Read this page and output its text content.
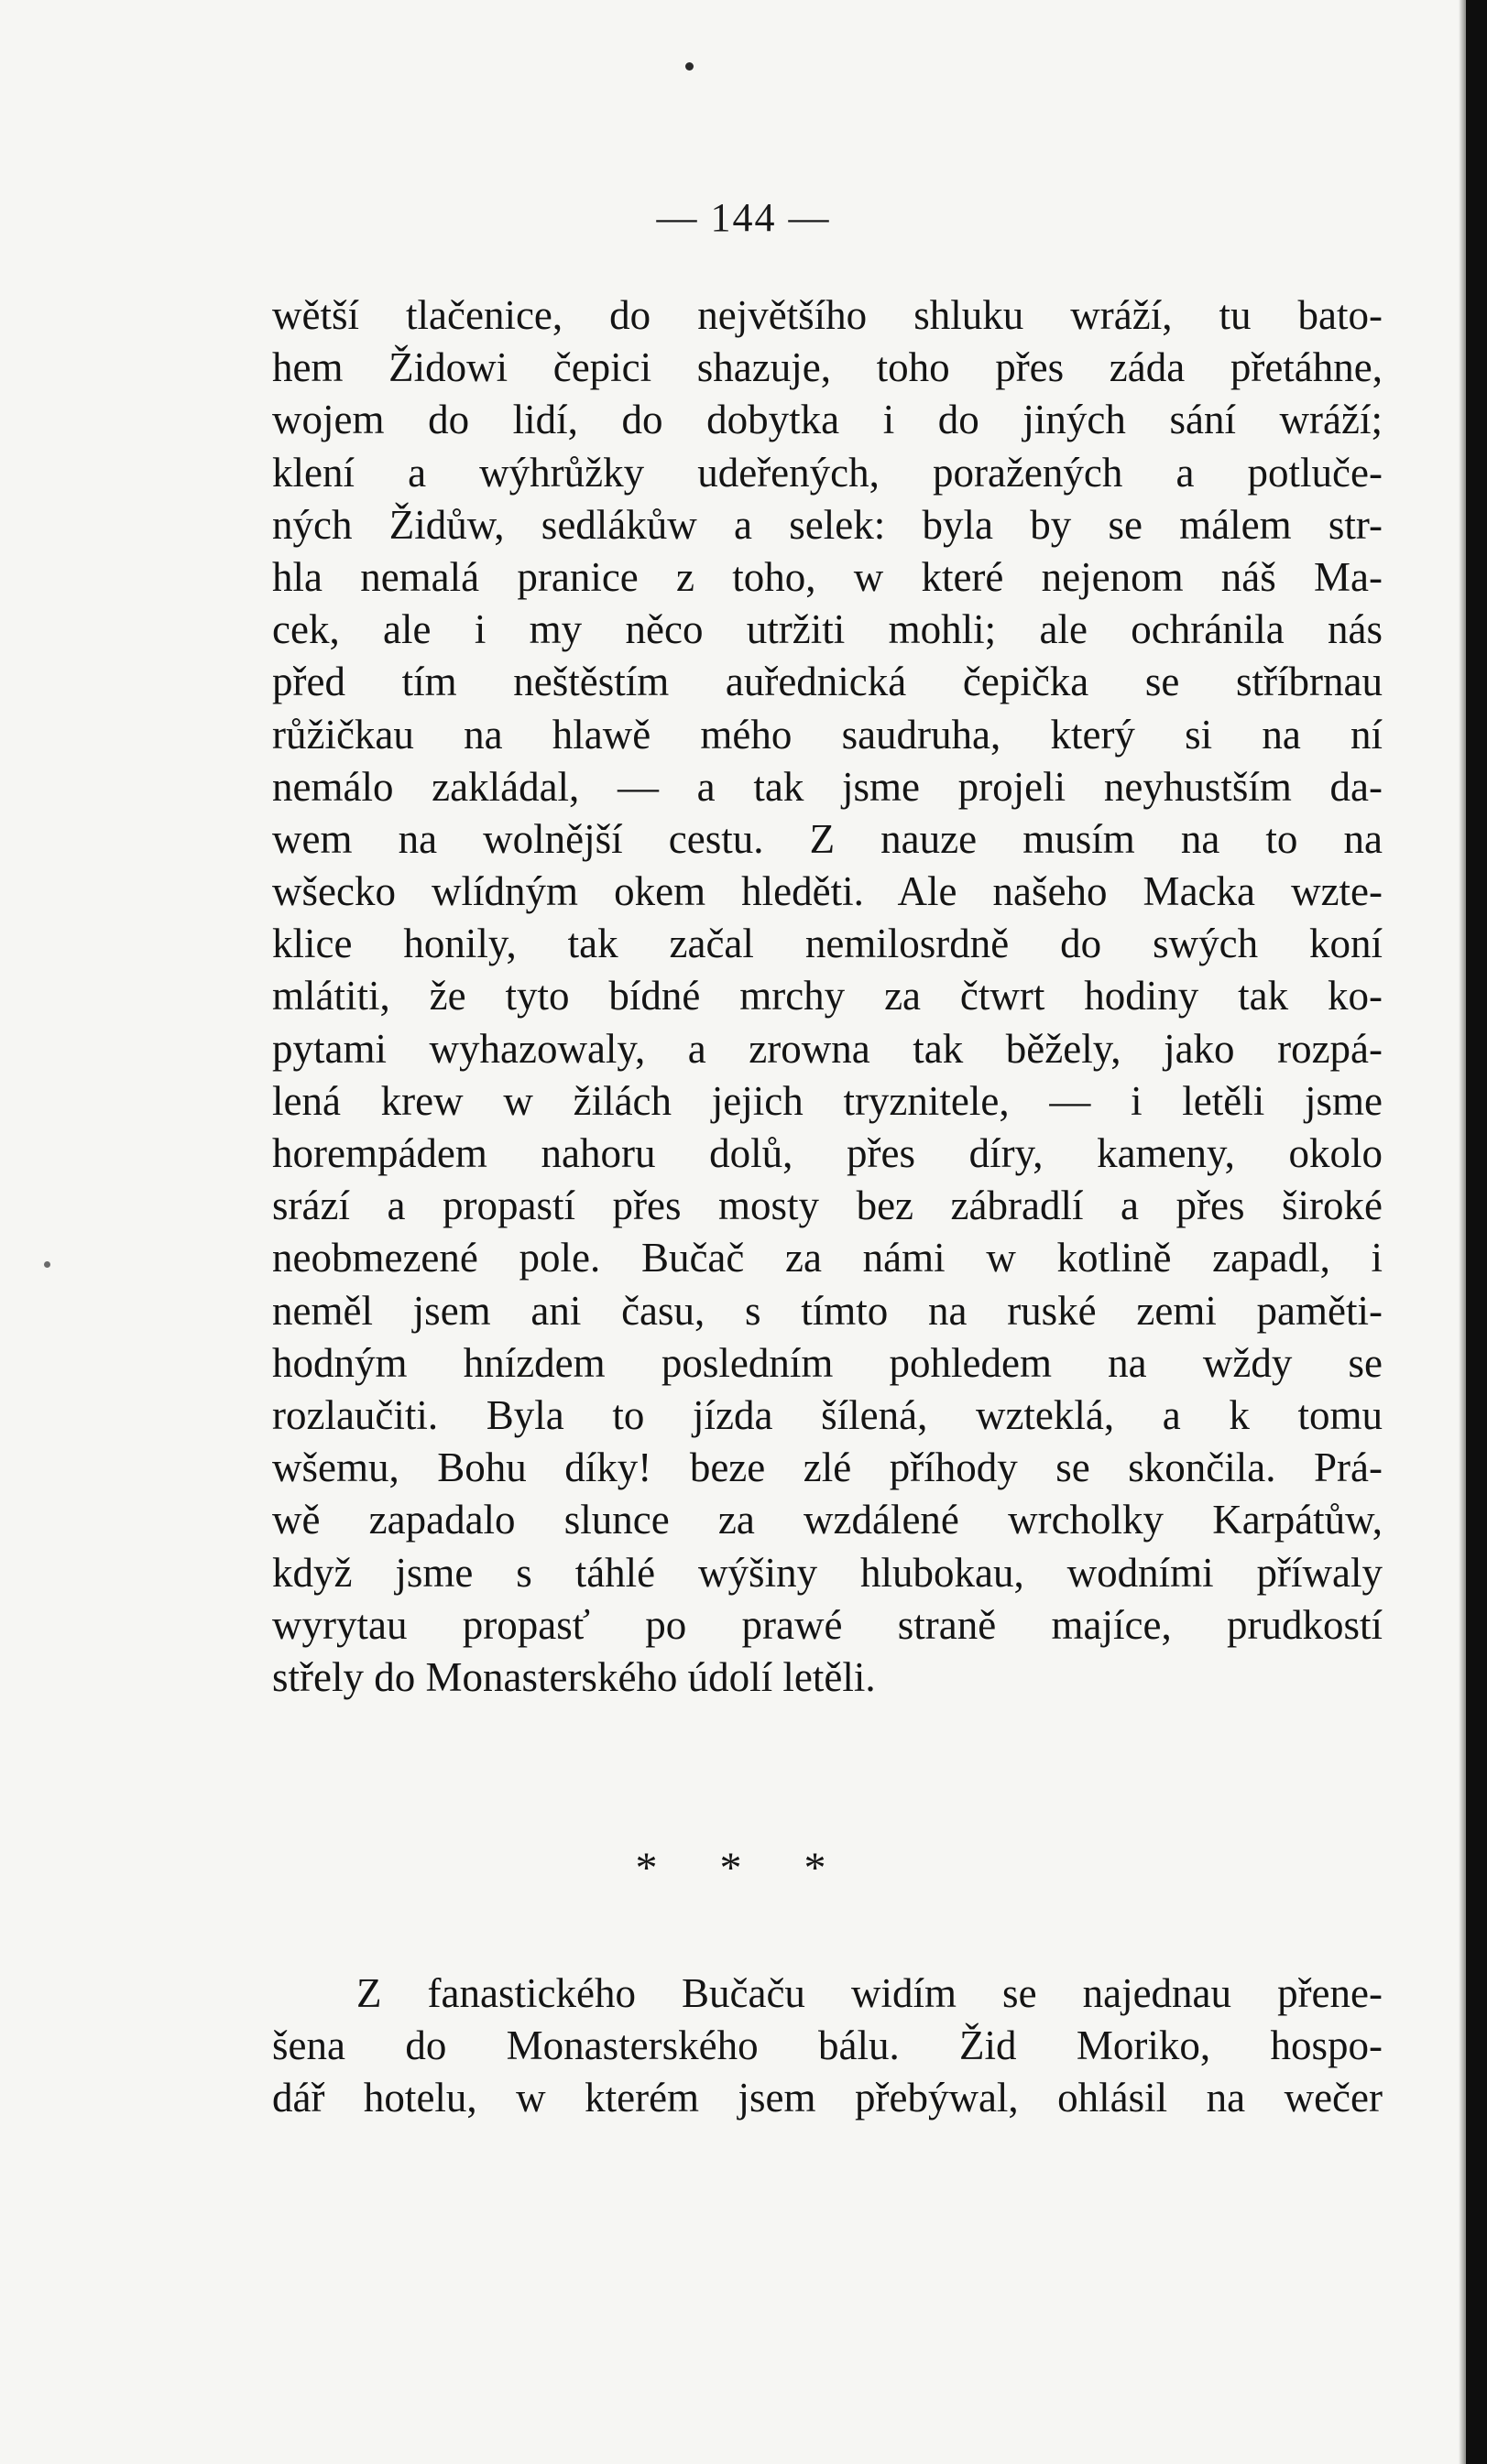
— 144 —
wětší tlačenice, do největšího shluku wráží, tu bato-
hem Židowi čepici shazuje, toho přes záda přetáhne,
wojem do lidí, do dobytka i do jiných sání wráží;
klení a wýhrůžky udeřených, poražených a potluče-
ných Židůw, sedlákůw a selek: byla by se málem str-
hla nemalá pranice z toho, w které nejenom náš Ma-
cek, ale i my něco utržiti mohli; ale ochránila nás
před tím neštěstím auřednická čepička se stříbrnau
růžičkau na hlawě mého saudruha, který si na ní
nemálo zakládal, — a tak jsme projeli neyhustším da-
wem na wolnější cestu. Z nauze musím na to na
wšecko wlídným okem hleděti. Ale našeho Macka wzte-
klice honily, tak začal nemilosrdně do swých koní
mlátiti, že tyto bídné mrchy za čtwrt hodiny tak ko-
pytami wyhazowaly, a zrowna tak běžely, jako rozpá-
lená krew w žilách jejich tryznitele, — i letěli jsme
horempádem nahoru dolů, přes díry, kameny, okolo
srází a propastí přes mosty bez zábradlí a přes široké
neobmezené pole. Bučač za námi w kotlině zapadl, i
neměl jsem ani času, s tímto na ruské zemi paměti-
hodným hnízdem posledním pohledem na wždy se
rozlaučiti. Byla to jízda šílená, wzteklá, a k tomu
wšemu, Bohu díky! beze zlé příhody se skončila. Prá-
wě zapadalo slunce za wzdálené wrcholky Karpátůw,
když jsme s táhlé wýšiny hlubokau, wodními příwaly
wyrytau propasť po prawé straně majíce, prudkostí
střely do Monasterského údolí letěli.
* * *
Z fanastického Bučaču widím se najednau přene-
šena do Monasterského bálu. Žid Moriko, hospo-
dář hotelu, w kterém jsem přebýwal, ohlásil na wečer
